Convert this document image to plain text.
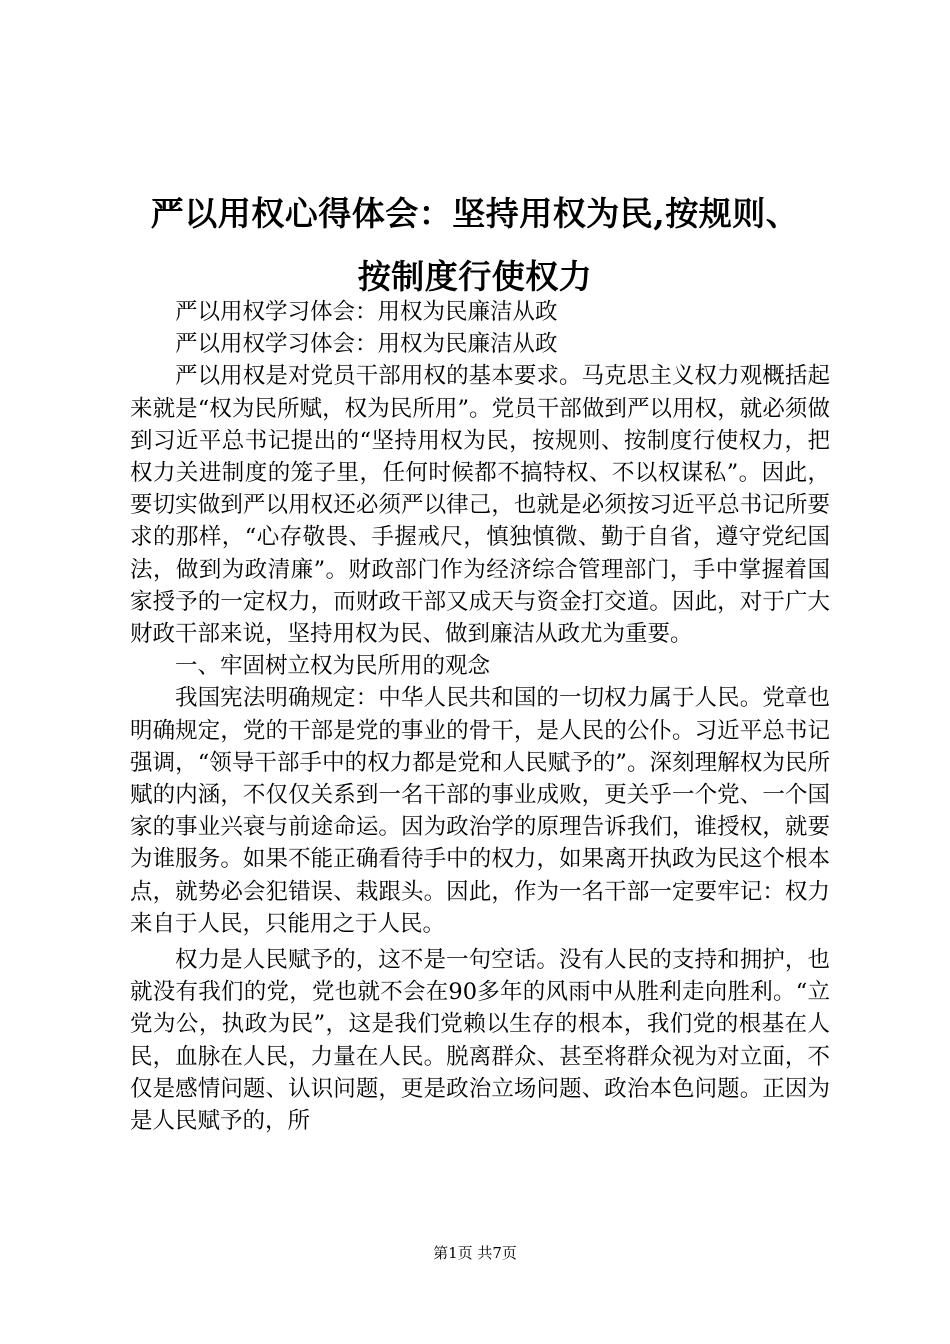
严以用权心得体会：坚持用权为民,按规则、
按制度行使权力

严以用权学习体会：用权为民廉洁从政

严以用权学习体会：用权为民廉洁从政

严以用权是对党员干部用权的基本要求。马克思主义权力观概括起来就是“权为民所赋，权为民所用”。党员干部做到严以用权，就必须做到习近平总书记提出的“坚持用权为民，按规则、按制度行使权力，把权力关进制度的笼子里，任何时候都不搞特权、不以权谋私”。因此，要切实做到严以用权还必须严以律己，也就是必须按习近平总书记所要求的那样，“心存敬畏、手握戒尺，慎独慎微、勤于自省，遵守党纪国法，做到为政清廉”。财政部门作为经济综合管理部门，手中掌握着国家授予的一定权力，而财政干部又成天与资金打交道。因此，对于广大财政干部来说，坚持用权为民、做到廉洁从政尤为重要。

一、牢固树立权为民所用的观念

我国宪法明确规定：中华人民共和国的一切权力属于人民。党章也明确规定，党的干部是党的事业的骨干，是人民的公仆。习近平总书记强调，“领导干部手中的权力都是党和人民赋予的”。深刻理解权为民所赋的内涵，不仅仅关系到一名干部的事业成败，更关乎一个党、一个国家的事业兴衰与前途命运。因为政治学的原理告诉我们，谁授权，就要为谁服务。如果不能正确看待手中的权力，如果离开执政为民这个根本点，就势必会犯错误、栽跟头。因此，作为一名干部一定要牢记：权力来自于人民，只能用之于人民。

权力是人民赋予的，这不是一句空话。没有人民的支持和拥护，也就没有我们的党，党也就不会在90多年的风雨中从胜利走向胜利。“立党为公，执政为民”，这是我们党赖以生存的根本，我们党的根基在人民，血脉在人民，力量在人民。脱离群众、甚至将群众视为对立面，不仅是感情问题、认识问题，更是政治立场问题、政治本色问题。正因为是人民赋予的，所

第1页 共7页
